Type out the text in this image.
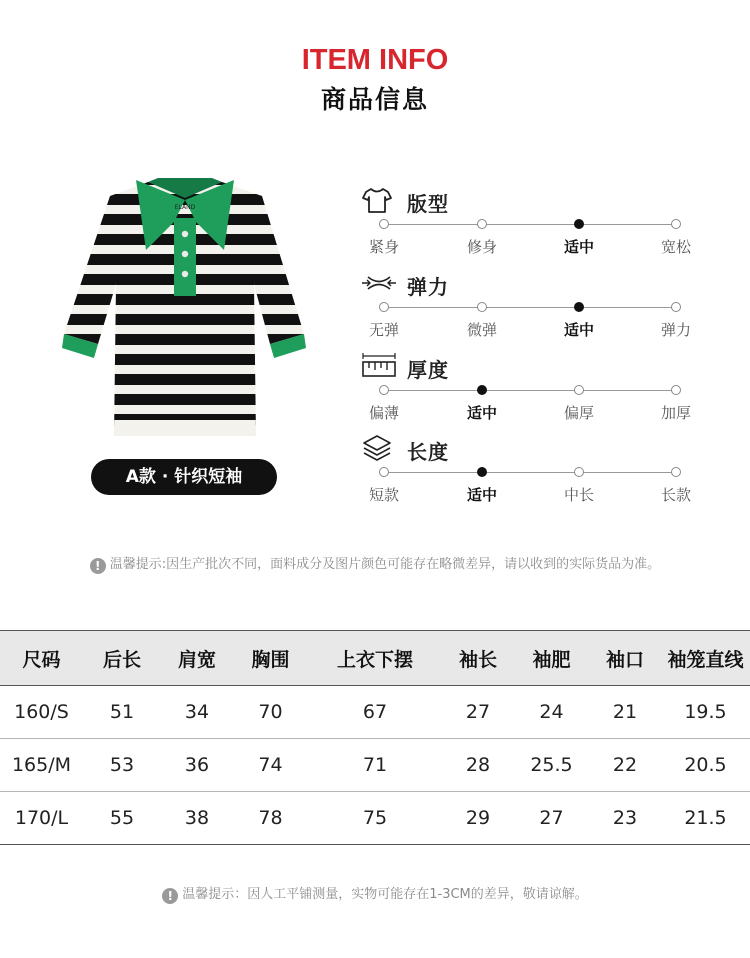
ITEM INFO
商品信息
ELAND
A款 · 针织短袖
版型
紧身	修身	适中	宽松
弹力
无弹	微弹	适中	弹力
厚度
偏薄	适中	偏厚	加厚
长度
短款	适中	中长	长款
! 温馨提示:因生产批次不同，面料成分及图片颜色可能存在略微差异，请以收到的实际货品为准。
尺码	后长	肩宽	胸围	上衣下摆	袖长	袖肥	袖口	袖笼直线
160/S	51	34	70	67	27	24	21	19.5
165/M	53	36	74	71	28	25.5	22	20.5
170/L	55	38	78	75	29	27	23	21.5
! 温馨提示：因人工平铺测量，实物可能存在1-3CM的差异，敬请谅解。
